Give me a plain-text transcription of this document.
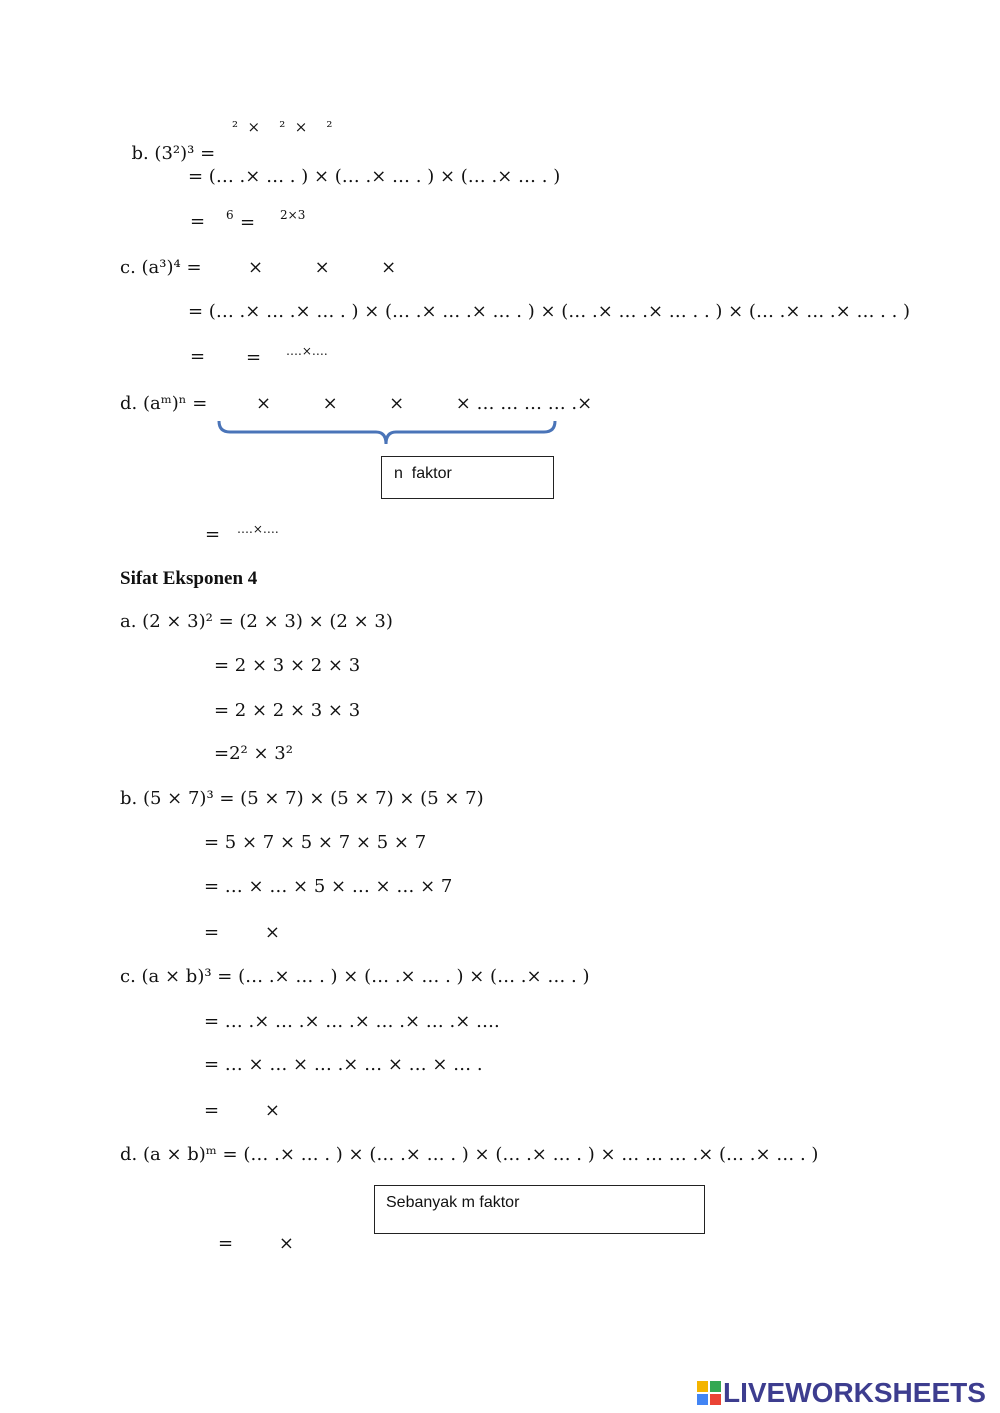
b. (3²)³ =

²  ×    ²  ×    ²
= (… .× … . ) × (… .× … . ) × (… .× … . )
=
6 = 2×3
c. (a³)⁴ =	×         ×         ×
= (… .× … .× … . ) × (… .× … .× … . ) × (… .× … .× … . . ) × (… .× … .× … . . )
= = ….×….
d. (aᵐ)ⁿ =	×         ×         ×         × … … … … .×
n  faktor
= ….×….
Sifat Eksponen 4
a. (2 × 3)² = (2 × 3) × (2 × 3)
= 2 × 3 × 2 × 3
= 2 × 2 × 3 × 3
=2² × 3²
b. (5 × 7)³ = (5 × 7) × (5 × 7) × (5 × 7)
= 5 × 7 × 5 × 7 × 5 × 7
= … × … × 5 × … × … × 7
=        ×
c. (a × b)³ = (… .× … . ) × (… .× … . ) × (… .× … . )
= … .× … .× … .× … .× … .× ….
= … × … × … .× … × … × … .
=        ×
d. (a × b)ᵐ = (… .× … . ) × (… .× … . ) × (… .× … . ) × … … … .× (… .× … . )
Sebanyak m faktor
=        ×
LIVEWORKSHEETS
